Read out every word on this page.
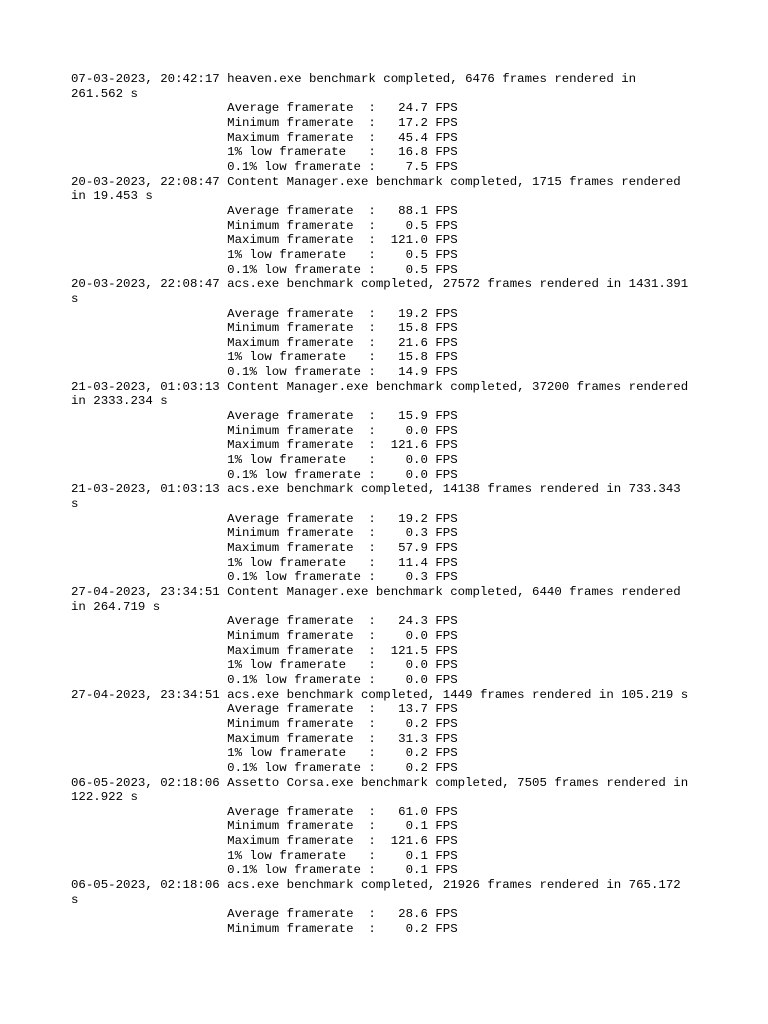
07-03-2023, 20:42:17 heaven.exe benchmark completed, 6476 frames rendered in
261.562 s
Average framerate  :   24.7 FPS
Minimum framerate  :   17.2 FPS
Maximum framerate  :   45.4 FPS
1% low framerate   :   16.8 FPS
0.1% low framerate :    7.5 FPS
20-03-2023, 22:08:47 Content Manager.exe benchmark completed, 1715 frames rendered
in 19.453 s
Average framerate  :   88.1 FPS
Minimum framerate  :    0.5 FPS
Maximum framerate  :  121.0 FPS
1% low framerate   :    0.5 FPS
0.1% low framerate :    0.5 FPS
20-03-2023, 22:08:47 acs.exe benchmark completed, 27572 frames rendered in 1431.391
s
Average framerate  :   19.2 FPS
Minimum framerate  :   15.8 FPS
Maximum framerate  :   21.6 FPS
1% low framerate   :   15.8 FPS
0.1% low framerate :   14.9 FPS
21-03-2023, 01:03:13 Content Manager.exe benchmark completed, 37200 frames rendered
in 2333.234 s
Average framerate  :   15.9 FPS
Minimum framerate  :    0.0 FPS
Maximum framerate  :  121.6 FPS
1% low framerate   :    0.0 FPS
0.1% low framerate :    0.0 FPS
21-03-2023, 01:03:13 acs.exe benchmark completed, 14138 frames rendered in 733.343
s
Average framerate  :   19.2 FPS
Minimum framerate  :    0.3 FPS
Maximum framerate  :   57.9 FPS
1% low framerate   :   11.4 FPS
0.1% low framerate :    0.3 FPS
27-04-2023, 23:34:51 Content Manager.exe benchmark completed, 6440 frames rendered
in 264.719 s
Average framerate  :   24.3 FPS
Minimum framerate  :    0.0 FPS
Maximum framerate  :  121.5 FPS
1% low framerate   :    0.0 FPS
0.1% low framerate :    0.0 FPS
27-04-2023, 23:34:51 acs.exe benchmark completed, 1449 frames rendered in 105.219 s
Average framerate  :   13.7 FPS
Minimum framerate  :    0.2 FPS
Maximum framerate  :   31.3 FPS
1% low framerate   :    0.2 FPS
0.1% low framerate :    0.2 FPS
06-05-2023, 02:18:06 Assetto Corsa.exe benchmark completed, 7505 frames rendered in
122.922 s
Average framerate  :   61.0 FPS
Minimum framerate  :    0.1 FPS
Maximum framerate  :  121.6 FPS
1% low framerate   :    0.1 FPS
0.1% low framerate :    0.1 FPS
06-05-2023, 02:18:06 acs.exe benchmark completed, 21926 frames rendered in 765.172
s
Average framerate  :   28.6 FPS
Minimum framerate  :    0.2 FPS
